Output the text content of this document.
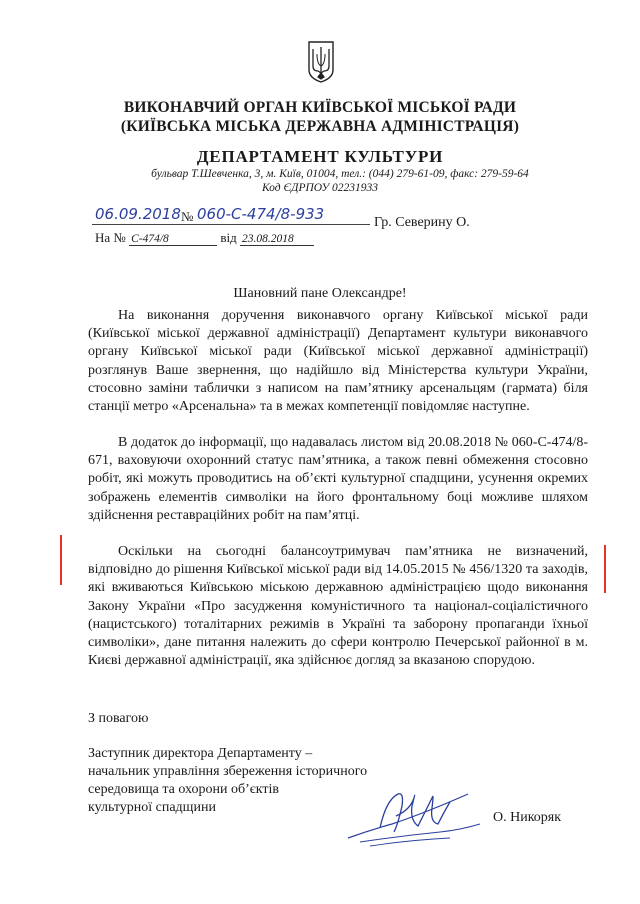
ВИКОНАВЧИЙ ОРГАН КИЇВСЬКОЇ МІСЬКОЇ РАДИ
(КИЇВСЬКА МІСЬКА ДЕРЖАВНА АДМІНІСТРАЦІЯ)
ДЕПАРТАМЕНТ КУЛЬТУРИ
бульвар Т.Шевченка, 3, м. Київ, 01004, тел.: (044) 279-61-09, факс: 279-59-64
Код ЄДРПОУ 02231933
06.09.2018 № 060-С-474/8-933	Гр. Северину О.
На № С-474/8	від 23.08.2018
Шановний пане Олександре!

На виконання доручення виконавчого органу Київської міської ради (Київської міської державної адміністрації) Департамент культури виконавчого органу Київської міської ради (Київської міської державної адміністрації) розглянув Ваше звернення, що надійшло від Міністерства культури України, стосовно заміни таблички з написом на пам’ятнику арсенальцям (гармата) біля станції метро «Арсенальна» та в межах компетенції повідомляє наступне.

В додаток до інформації, що надавалась листом від 20.08.2018 № 060-С-474/8-671, ваховуючи охоронний статус пам’ятника, а також певні обмеження стосовно робіт, які можуть проводитись на об’єкті культурної спадщини, усунення окремих зображень елементів символіки на його фронтальному боці можливе шляхом здійснення реставраційних робіт на пам’ятці.

Оскільки на сьогодні балансоутримувач пам’ятника не визначений, відповідно до рішення Київської міської ради від 14.05.2015 № 456/1320 та заходів, які вживаються Київською міською державною адміністрацією щодо виконання Закону України «Про засудження комуністичного та націонал-соціалістичного (нацистського) тоталітарних режимів в Україні та заборону пропаганди їхньої символіки», дане питання належить до сфери контролю Печерської районної в м. Києві державної адміністрації, яка здійснює догляд за вказаною спорудою.

З повагою
Заступник директора Департаменту –
начальник управління збереження історичного
середовища та охорони об’єктів
культурної спадщини
О. Никоряк
